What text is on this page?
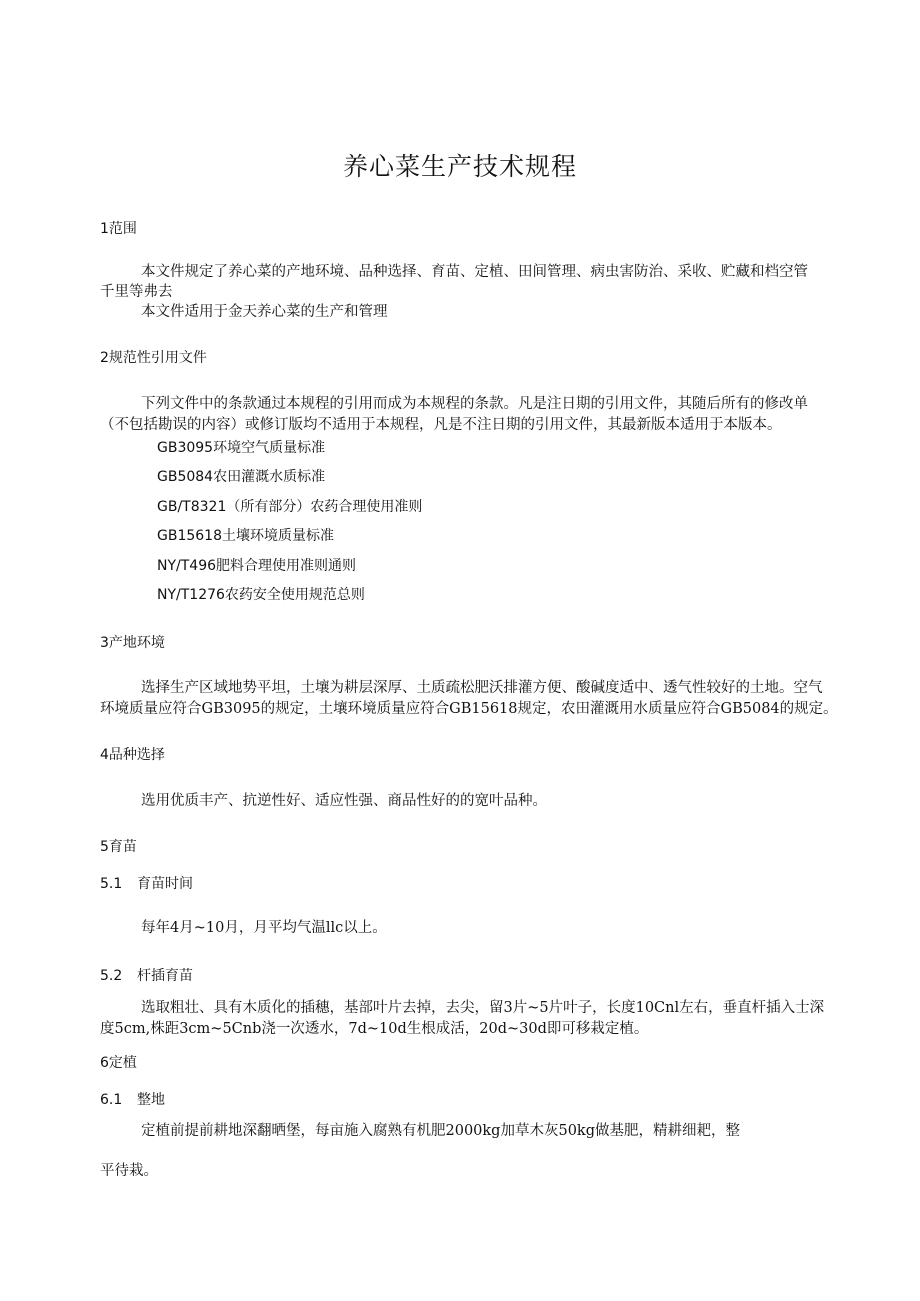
养心菜生产技术规程
1范围
本文件规定了养心菜的产地环境、品种选择、育苗、定植、田间管理、病虫害防治、采收、贮藏和档空管
千里等弗去
本文件适用于金天养心菜的生产和管理
2规范性引用文件
下列文件中的条款通过本规程的引用而成为本规程的条款。凡是注日期的引用文件，其随后所有的修改单
（不包括勘误的内容）或修订版均不适用于本规程，凡是不注日期的引用文件，其最新版本适用于本版本。
GB3095环境空气质量标准
GB5084农田灌溉水质标准
GB/T8321（所有部分）农药合理使用准则
GB15618土壤环境质量标准
NY/T496肥料合理使用准则通则
NY/T1276农药安全使用规范总则
3产地环境
选择生产区域地势平坦，土壤为耕层深厚、土质疏松肥沃排灌方便、酸碱度适中、透气性较好的土地。空气
环境质量应符合GB3095的规定，土壤环境质量应符合GB15618规定，农田灌溉用水质量应符合GB5084的规定。
4品种选择
选用优质丰产、抗逆性好、适应性强、商品性好的的宽叶品种。
5育苗
5.1 育苗时间
每年4月~10月，月平均气温llc以上。
5.2 杆插育苗
选取粗壮、具有木质化的插穗，基部叶片去掉，去尖，留3片~5片叶子，长度10Cnl左右，垂直杆插入士深
度5cm,株距3cm~5Cnb浇一次透水，7d~10d生根成活，20d~30d即可移栽定植。
6定植
6.1 整地
定植前提前耕地深翻晒堡，每亩施入腐熟有机肥2000kg加草木灰50kg做基肥，精耕细耙，整
平待栽。
